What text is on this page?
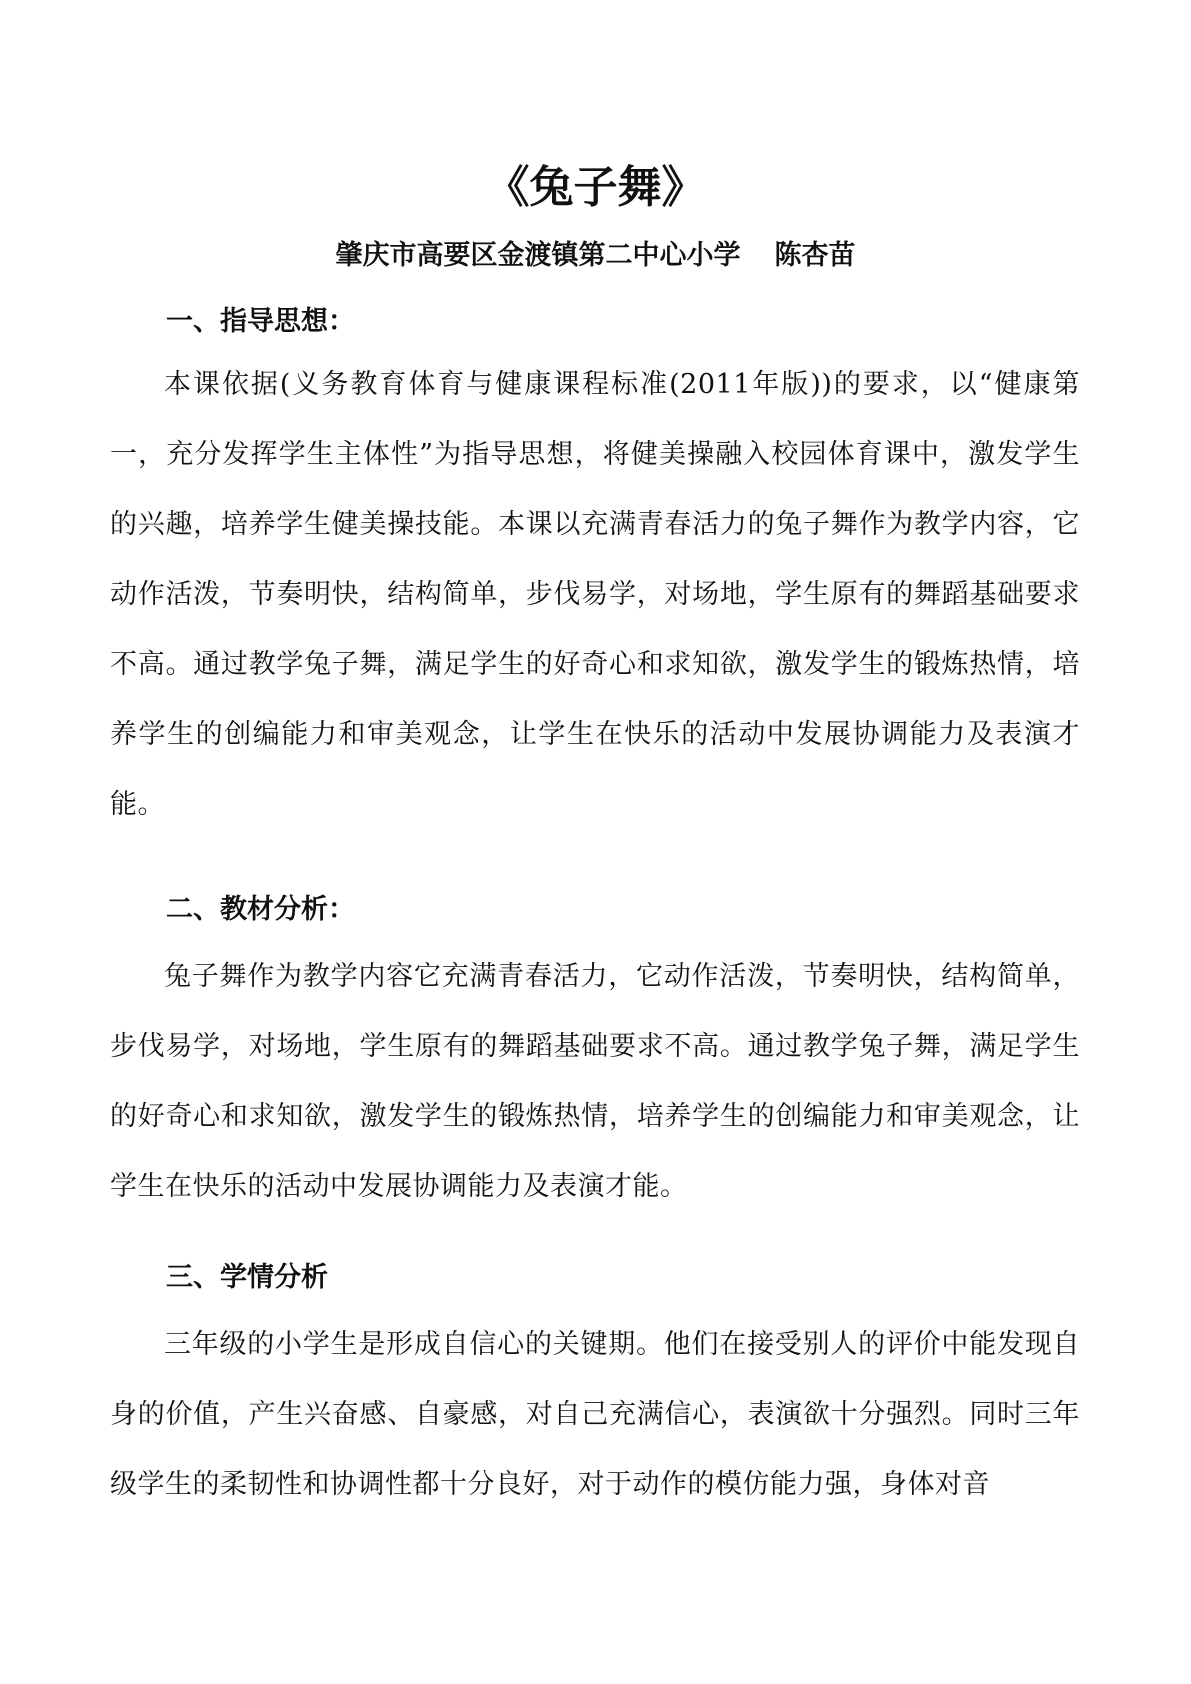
《兔子舞》
肇庆市高要区金渡镇第二中心小学 陈杏苗
一、指导思想：
本课依据(义务教育体育与健康课程标准(2011年版))的要求，以“健康第一，充分发挥学生主体性”为指导思想，将健美操融入校园体育课中，激发学生的兴趣，培养学生健美操技能。本课以充满青春活力的兔子舞作为教学内容，它动作活泼，节奏明快，结构简单，步伐易学，对场地，学生原有的舞蹈基础要求不高。通过教学兔子舞，满足学生的好奇心和求知欲，激发学生的锻炼热情，培养学生的创编能力和审美观念，让学生在快乐的活动中发展协调能力及表演才能。
二、教材分析：
兔子舞作为教学内容它充满青春活力，它动作活泼，节奏明快，结构简单，步伐易学，对场地，学生原有的舞蹈基础要求不高。通过教学兔子舞，满足学生的好奇心和求知欲，激发学生的锻炼热情，培养学生的创编能力和审美观念，让学生在快乐的活动中发展协调能力及表演才能。
三、学情分析
三年级的小学生是形成自信心的关键期。他们在接受别人的评价中能发现自身的价值，产生兴奋感、自豪感，对自己充满信心，表演欲十分强烈。同时三年级学生的柔韧性和协调性都十分良好，对于动作的模仿能力强，身体对音
